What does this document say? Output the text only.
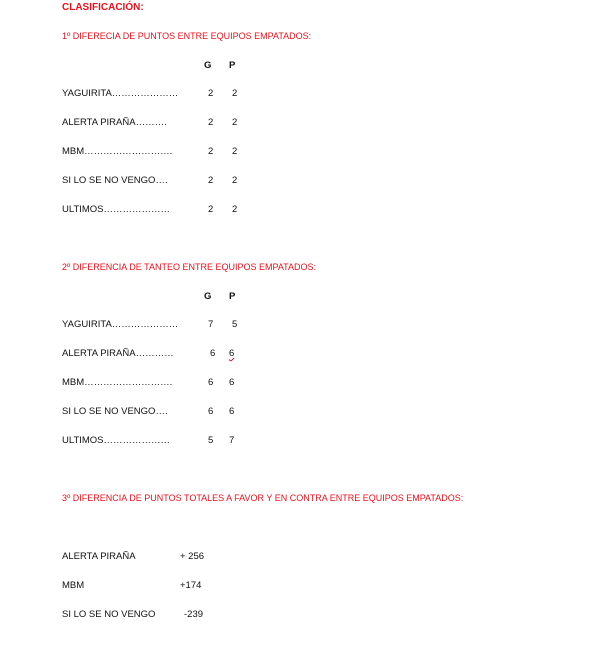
CLASIFICACIÓN:
1º DIFERECIA DE PUNTOS ENTRE EQUIPOS EMPATADOS:
G P
YAGUIRITA…………………	2 2
ALERTA PIRAÑA……….	2 2
MBM……………………….	2 2
SI LO SE NO VENGO….	2 2
ULTIMOS…………………	2 2
2º DIFERENCIA DE TANTEO ENTRE EQUIPOS EMPATADOS:
G P
YAGUIRITA…………………	7 5
ALERTA PIRAÑA…………	6 6
MBM……………………….	6 6
SI LO SE NO VENGO….	6 6
ULTIMOS…………………	5 7
3º DIFERENCIA DE PUNTOS TOTALES A FAVOR Y EN CONTRA ENTRE EQUIPOS EMPATADOS:
ALERTA PIRAÑA	+ 256
MBM	+174
SI LO SE NO VENGO	-239
